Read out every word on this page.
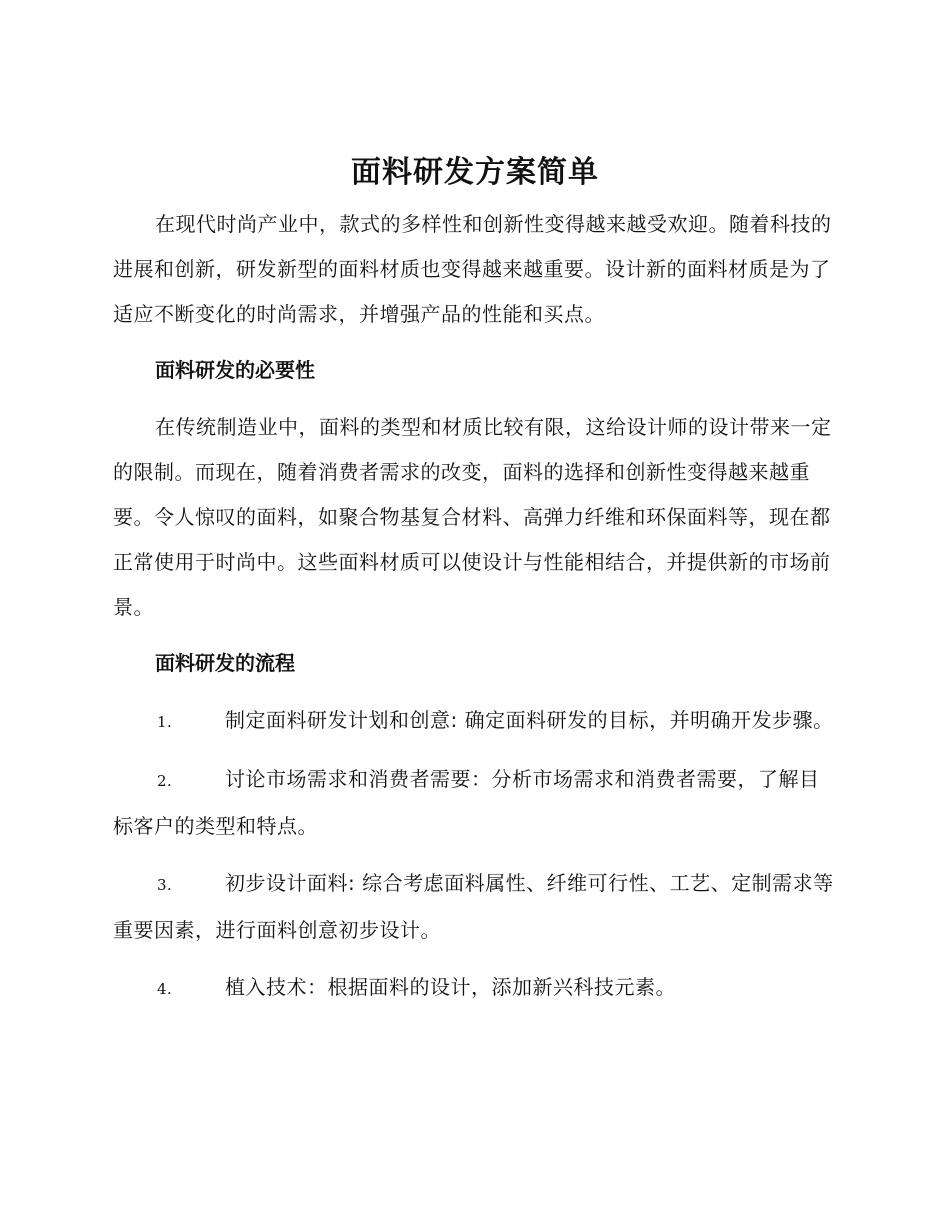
面料研发方案简单

在现代时尚产业中，款式的多样性和创新性变得越来越受欢迎。随着科技的进展和创新，研发新型的面料材质也变得越来越重要。设计新的面料材质是为了适应不断变化的时尚需求，并增强产品的性能和买点。

面料研发的必要性

在传统制造业中，面料的类型和材质比较有限，这给设计师的设计带来一定的限制。而现在，随着消费者需求的改变，面料的选择和创新性变得越来越重要。令人惊叹的面料，如聚合物基复合材料、高弹力纤维和环保面料等，现在都正常使用于时尚中。这些面料材质可以使设计与性能相结合，并提供新的市场前景。

面料研发的流程

1.	制定面料研发计划和创意: 确定面料研发的目标，并明确开发步骤。

2.	讨论市场需求和消费者需要：分析市场需求和消费者需要，了解目标客户的类型和特点。

3.	初步设计面料: 综合考虑面料属性、纤维可行性、工艺、定制需求等重要因素，进行面料创意初步设计。

4.	植入技术：根据面料的设计，添加新兴科技元素。
